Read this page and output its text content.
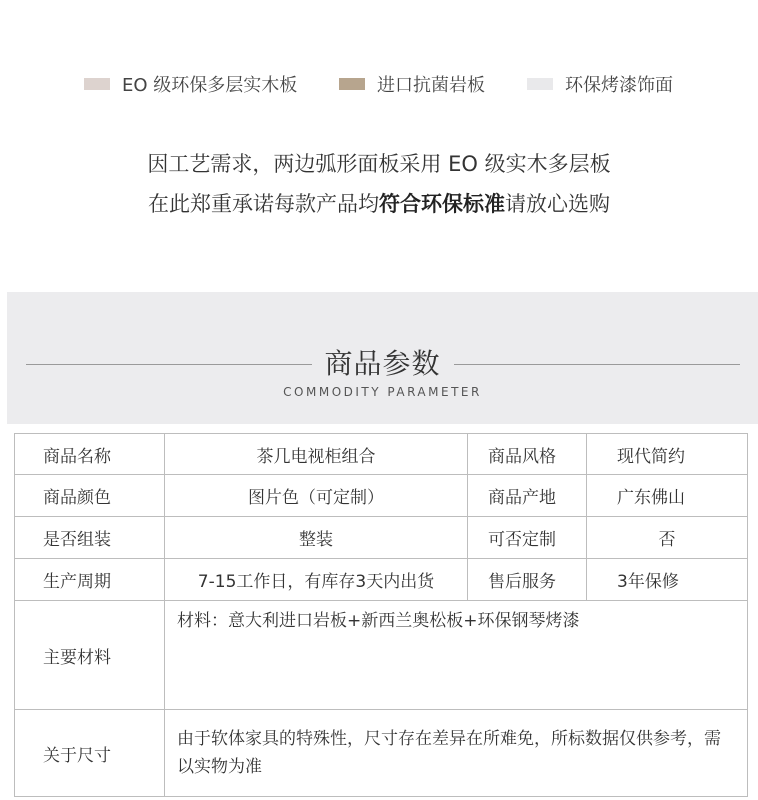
EO 级环保多层实木板	进口抗菌岩板	环保烤漆饰面
因工艺需求，两边弧形面板采用 EO 级实木多层板
在此郑重承诺每款产品均符合环保标准请放心选购
商品参数
COMMODITY PARAMETER
商品名称	茶几电视柜组合	商品风格	现代简约
商品颜色	图片色（可定制）	商品产地	广东佛山
是否组装	整装	可否定制	否
生产周期	7-15工作日，有库存3天内出货	售后服务	3年保修
主要材料	材料：意大利进口岩板+新西兰奥松板+环保钢琴烤漆		
关于尺寸	由于软体家具的特殊性，尺寸存在差异在所难免，所标数据仅供参考，需以实物为准		
